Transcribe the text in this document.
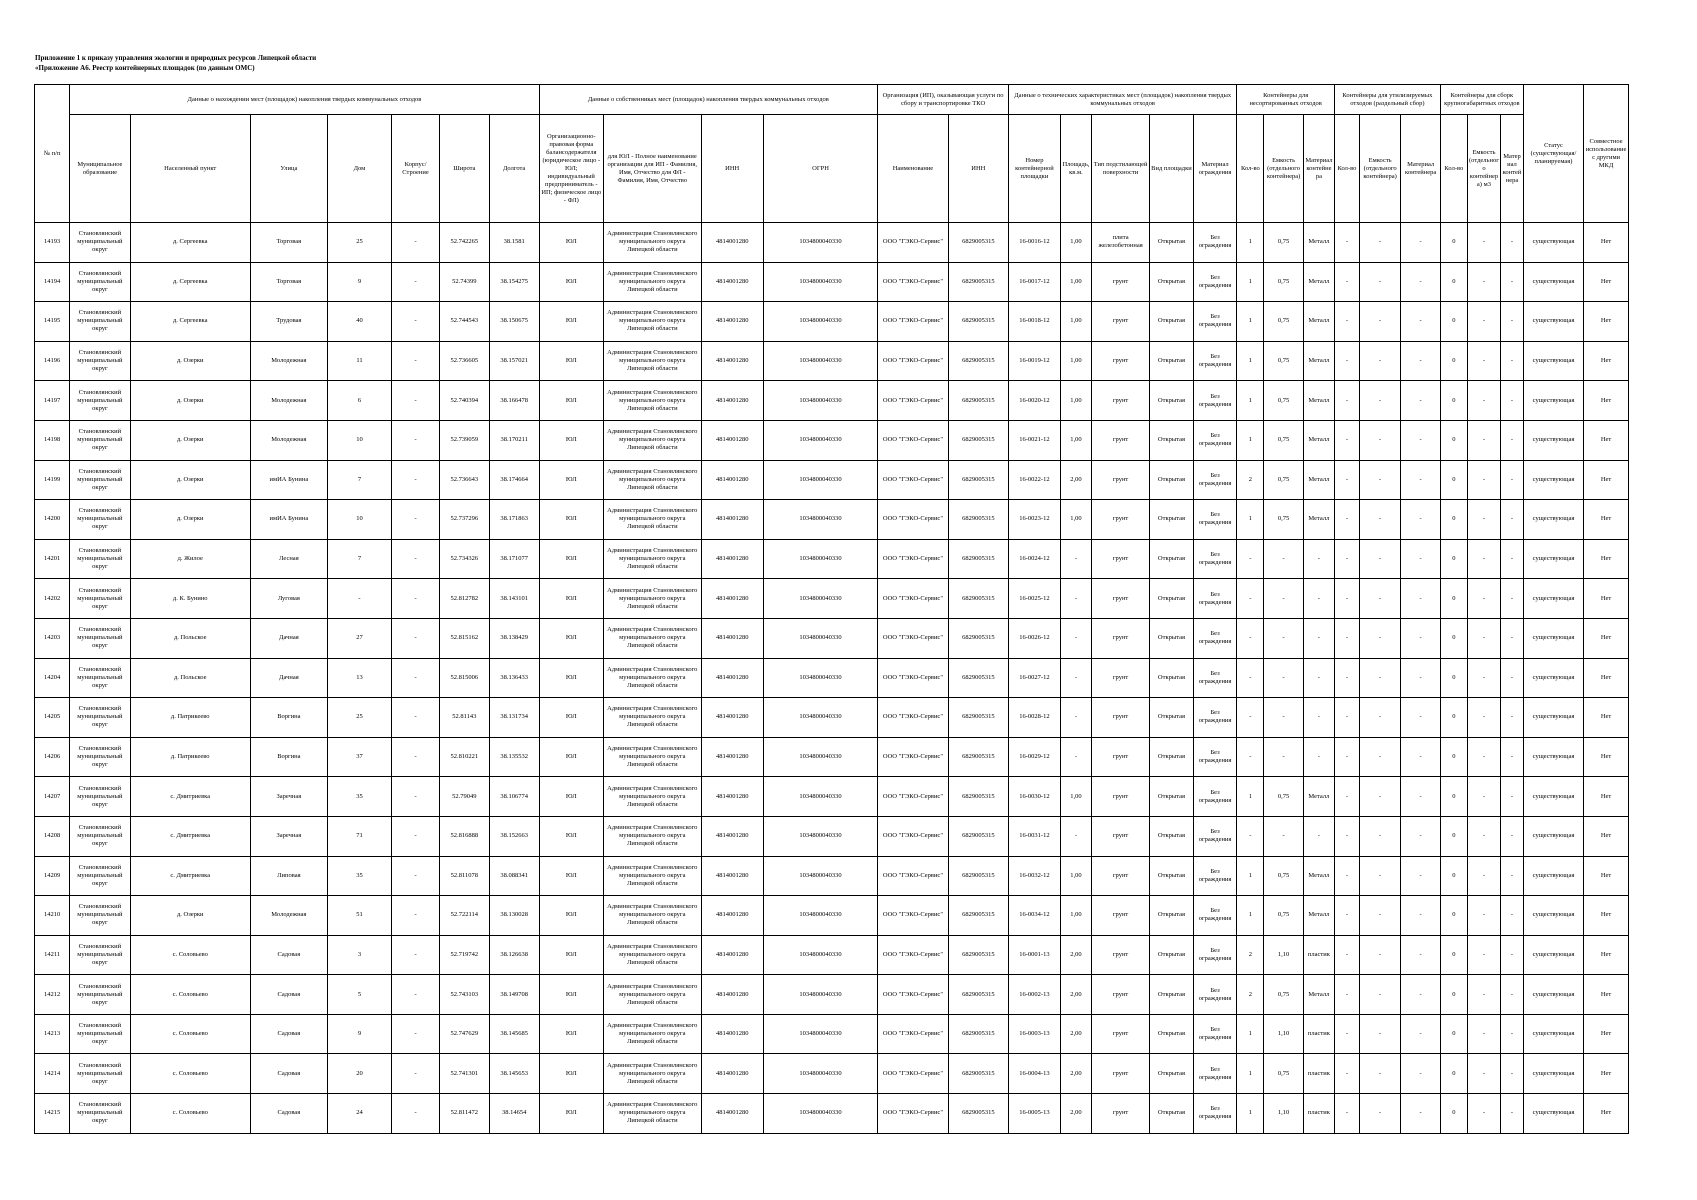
Приложение 1 к приказу управления экологии и природных ресурсов Липецкой области
«Приложение А6. Реестр контейнерных площадок (по данным ОМС)
№ п/п	Данные о нахождении мест (площадок) накопления твердых коммунальных отходов							Данные о собственниках мест (площадок) накопления твердых коммунальных отходов				Организация (ИП), оказывающая услуги по сбору и транспортировке ТКО		Данные о технических характеристиках мест (площадок) накопления твердых коммунальных отходов					Контейнеры для несортированных отходов			Контейнеры для утилизируемых отходов (раздельный сбор)			Контейнеры для сборк крупногабаритных отходов			Статус (существующая/ планируемая)	Совместное использование с другими МКД
	Муниципальное образование	Населенный пункт	Улица	Дом	Корпус/Строение	Широта	Долгота	Организационно-правовая форма балансодержателя (юридическое лицо - ЮЛ; индивидуальный предприниматель - ИП; физическое лицо - ФЛ)	для ЮЛ - Полное наименование организации для ИП - Фамилия, Имя, Отчество для ФЛ - Фамилия, Имя, Отчество	ИНН	ОГРН	Наименование	ИНН	Номер контейнерной площадки	Площадь, кв.м.	Тип подстилающей поверхности	Вид площадки	Материал ограждения	Кол-во	Емкость (отдельного контейнера)	Материал контейнера	Кол-во	Емкость (отдельного контейнера)	Материал контейнера	Кол-во	Емкость (отдельного контейнера) м3	Материал контейнера		
14193	Становлянский муниципальный округ	д. Сергеевка	Торговая	25	-	52.742265	38.1581	ЮЛ	Администрация Становлянского муниципального округа Липецкой области	4814001280	1034800040330	ООО "ГЭКО-Сервис"	6829005315	16-0016-12	1,00	плита железобетонная	Открытая	Без ограждения	1	0,75	Металл	-	-	-	0	-	-	существующая	Нет
14194	Становлянский муниципальный округ	д. Сергеевка	Торговая	9	-	52.74399	38.154275	ЮЛ	Администрация Становлянского муниципального округа Липецкой области	4814001280	1034800040330	ООО "ГЭКО-Сервис"	6829005315	16-0017-12	1,00	грунт	Открытая	Без ограждения	1	0,75	Металл	-	-	-	0	-	-	существующая	Нет
14195	Становлянский муниципальный округ	д. Сергеевка	Трудовая	40	-	52.744543	38.150675	ЮЛ	Администрация Становлянского муниципального округа Липецкой области	4814001280	1034800040330	ООО "ГЭКО-Сервис"	6829005315	16-0018-12	1,00	грунт	Открытая	Без ограждения	1	0,75	Металл	-	-	-	0	-	-	существующая	Нет
14196	Становлянский муниципальный округ	д. Озерки	Молодежная	11	-	52.736605	38.157021	ЮЛ	Администрация Становлянского муниципального округа Липецкой области	4814001280	1034800040330	ООО "ГЭКО-Сервис"	6829005315	16-0019-12	1,00	грунт	Открытая	Без ограждения	1	0,75	Металл	-	-	-	0	-	-	существующая	Нет
14197	Становлянский муниципальный округ	д. Озерки	Молодежная	6	-	52.740394	38.166478	ЮЛ	Администрация Становлянского муниципального округа Липецкой области	4814001280	1034800040330	ООО "ГЭКО-Сервис"	6829005315	16-0020-12	1,00	грунт	Открытая	Без ограждения	1	0,75	Металл	-	-	-	0	-	-	существующая	Нет
14198	Становлянский муниципальный округ	д. Озерки	Молодежная	10	-	52.739059	38.170211	ЮЛ	Администрация Становлянского муниципального округа Липецкой области	4814001280	1034800040330	ООО "ГЭКО-Сервис"	6829005315	16-0021-12	1,00	грунт	Открытая	Без ограждения	1	0,75	Металл	-	-	-	0	-	-	существующая	Нет
14199	Становлянский муниципальный округ	д. Озерки	имИА Бунина	7	-	52.736643	38.174664	ЮЛ	Администрация Становлянского муниципального округа Липецкой области	4814001280	1034800040330	ООО "ГЭКО-Сервис"	6829005315	16-0022-12	2,00	грунт	Открытая	Без ограждения	2	0,75	Металл	-	-	-	0	-	-	существующая	Нет
14200	Становлянский муниципальный округ	д. Озерки	имИА Бунина	10	-	52.737296	38.171863	ЮЛ	Администрация Становлянского муниципального округа Липецкой области	4814001280	1034800040330	ООО "ГЭКО-Сервис"	6829005315	16-0023-12	1,00	грунт	Открытая	Без ограждения	1	0,75	Металл	-	-	-	0	-	-	существующая	Нет
14201	Становлянский муниципальный округ	д. Жилое	Лесная	7	-	52.734326	38.171077	ЮЛ	Администрация Становлянского муниципального округа Липецкой области	4814001280	1034800040330	ООО "ГЭКО-Сервис"	6829005315	16-0024-12	-	грунт	Открытая	Без ограждения	-	-	-	-	-	-	0	-	-	существующая	Нет
14202	Становлянский муниципальный округ	д. К. Бунино	Луговая	-	-	52.812782	38.143101	ЮЛ	Администрация Становлянского муниципального округа Липецкой области	4814001280	1034800040330	ООО "ГЭКО-Сервис"	6829005315	16-0025-12	-	грунт	Открытая	Без ограждения	-	-	-	-	-	-	0	-	-	существующая	Нет
14203	Становлянский муниципальный округ	д. Польское	Дачная	27	-	52.815162	38.138429	ЮЛ	Администрация Становлянского муниципального округа Липецкой области	4814001280	1034800040330	ООО "ГЭКО-Сервис"	6829005315	16-0026-12	-	грунт	Открытая	Без ограждения	-	-	-	-	-	-	0	-	-	существующая	Нет
14204	Становлянский муниципальный округ	д. Польское	Дачная	13	-	52.815006	38.136433	ЮЛ	Администрация Становлянского муниципального округа Липецкой области	4814001280	1034800040330	ООО "ГЭКО-Сервис"	6829005315	16-0027-12	-	грунт	Открытая	Без ограждения	-	-	-	-	-	-	0	-	-	существующая	Нет
14205	Становлянский муниципальный округ	д. Патрикеево	Воргина	25	-	52.81143	38.131734	ЮЛ	Администрация Становлянского муниципального округа Липецкой области	4814001280	1034800040330	ООО "ГЭКО-Сервис"	6829005315	16-0028-12	-	грунт	Открытая	Без ограждения	-	-	-	-	-	-	0	-	-	существующая	Нет
14206	Становлянский муниципальный округ	д. Патрикеево	Воргина	37	-	52.810221	38.135532	ЮЛ	Администрация Становлянского муниципального округа Липецкой области	4814001280	1034800040330	ООО "ГЭКО-Сервис"	6829005315	16-0029-12	-	грунт	Открытая	Без ограждения	-	-	-	-	-	-	0	-	-	существующая	Нет
14207	Становлянский муниципальный округ	с. Дмитриевка	Заречная	35	-	52.79049	38.106774	ЮЛ	Администрация Становлянского муниципального округа Липецкой области	4814001280	1034800040330	ООО "ГЭКО-Сервис"	6829005315	16-0030-12	1,00	грунт	Открытая	Без ограждения	1	0,75	Металл	-	-	-	0	-	-	существующая	Нет
14208	Становлянский муниципальный округ	с. Дмитриевка	Заречная	71	-	52.816888	38.152663	ЮЛ	Администрация Становлянского муниципального округа Липецкой области	4814001280	1034800040330	ООО "ГЭКО-Сервис"	6829005315	16-0031-12	-	грунт	Открытая	Без ограждения	-	-	-	-	-	-	0	-	-	существующая	Нет
14209	Становлянский муниципальный округ	с. Дмитриевка	Липовая	35	-	52.811078	38.088341	ЮЛ	Администрация Становлянского муниципального округа Липецкой области	4814001280	1034800040330	ООО "ГЭКО-Сервис"	6829005315	16-0032-12	1,00	грунт	Открытая	Без ограждения	1	0,75	Металл	-	-	-	0	-	-	существующая	Нет
14210	Становлянский муниципальный округ	д. Озерки	Молодежная	51	-	52.722114	38.130028	ЮЛ	Администрация Становлянского муниципального округа Липецкой области	4814001280	1034800040330	ООО "ГЭКО-Сервис"	6829005315	16-0034-12	1,00	грунт	Открытая	Без ограждения	1	0,75	Металл	-	-	-	0	-	-	существующая	Нет
14211	Становлянский муниципальный округ	с. Соловьево	Садовая	3	-	52.719742	38.126638	ЮЛ	Администрация Становлянского муниципального округа Липецкой области	4814001280	1034800040330	ООО "ГЭКО-Сервис"	6829005315	16-0001-13	2,00	грунт	Открытая	Без ограждения	2	1,10	пластик	-	-	-	0	-	-	существующая	Нет
14212	Становлянский муниципальный округ	с. Соловьево	Садовая	5	-	52.743103	38.149708	ЮЛ	Администрация Становлянского муниципального округа Липецкой области	4814001280	1034800040330	ООО "ГЭКО-Сервис"	6829005315	16-0002-13	2,00	грунт	Открытая	Без ограждения	2	0,75	Металл	-	-	-	0	-	-	существующая	Нет
14213	Становлянский муниципальный округ	с. Соловьево	Садовая	9	-	52.747629	38.145685	ЮЛ	Администрация Становлянского муниципального округа Липецкой области	4814001280	1034800040330	ООО "ГЭКО-Сервис"	6829005315	16-0003-13	2,00	грунт	Открытая	Без ограждения	1	1,10	пластик	-	-	-	0	-	-	существующая	Нет
14214	Становлянский муниципальный округ	с. Соловьево	Садовая	20	-	52.741301	38.145653	ЮЛ	Администрация Становлянского муниципального округа Липецкой области	4814001280	1034800040330	ООО "ГЭКО-Сервис"	6829005315	16-0004-13	2,00	грунт	Открытая	Без ограждения	1	0,75	пластик	-	-	-	0	-	-	существующая	Нет
14215	Становлянский муниципальный округ	с. Соловьево	Садовая	24	-	52.811472	38.14654	ЮЛ	Администрация Становлянского муниципального округа Липецкой области	4814001280	1034800040330	ООО "ГЭКО-Сервис"	6829005315	16-0005-13	2,00	грунт	Открытая	Без ограждения	1	1,10	пластик	-	-	-	0	-	-	существующая	Нет
